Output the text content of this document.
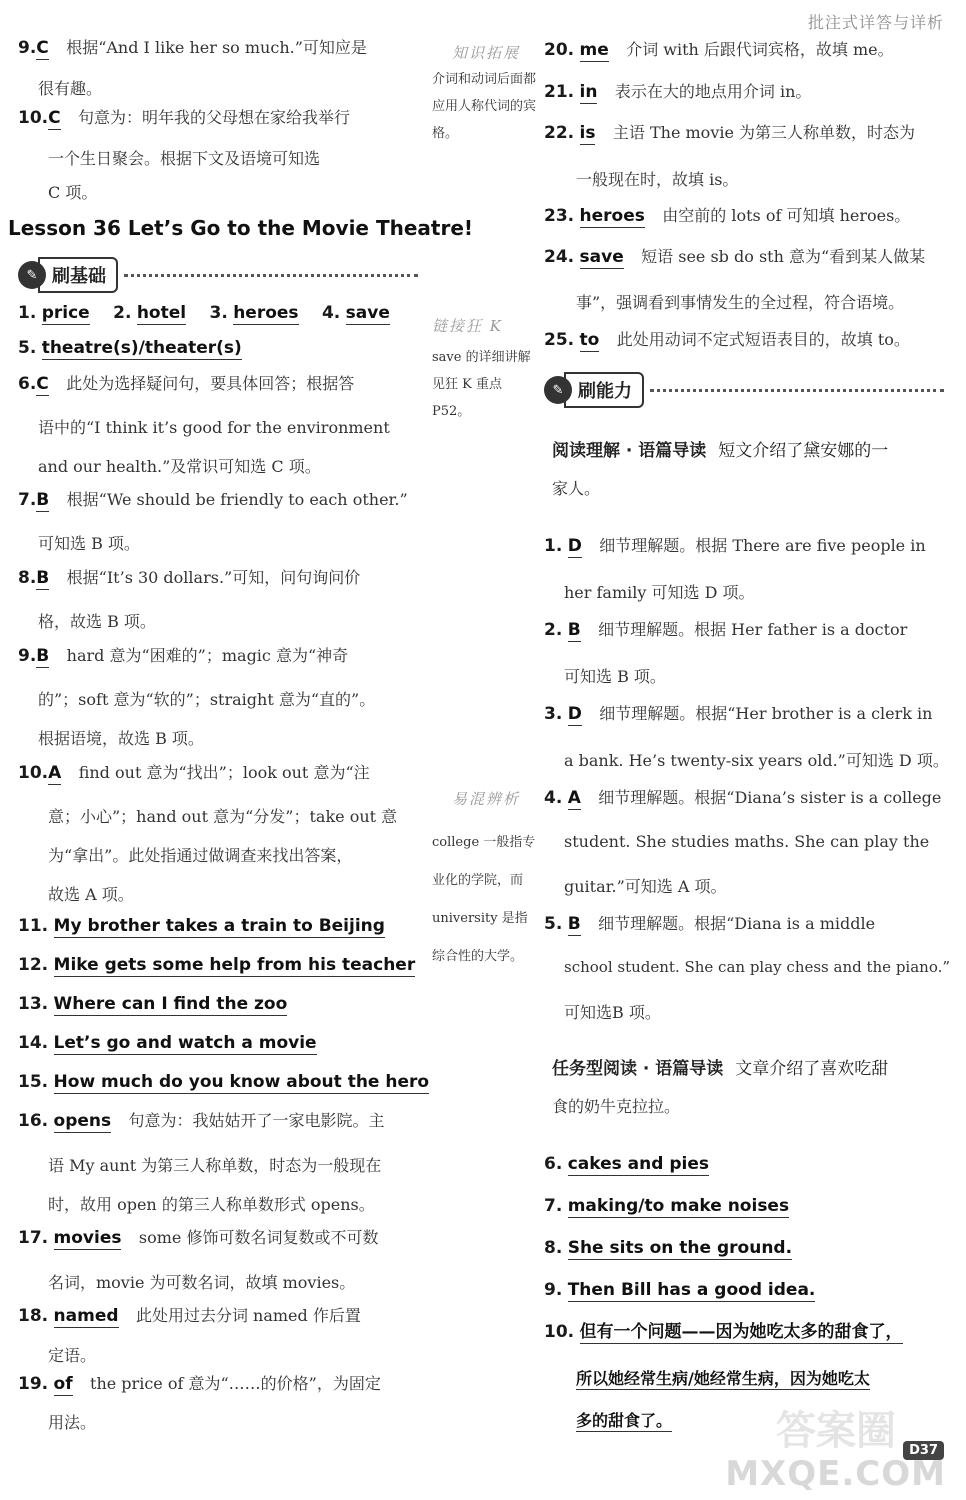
批注式详答与详析
9.C 根据“And I like her so much.”可知应是
很有趣。
10.C 句意为：明年我的父母想在家给我举行
一个生日聚会。根据下文及语境可知选
C 项。
Lesson 36 Let’s Go to the Movie Theatre!
✎ 刷基础
1. price 2. hotel 3. heroes 4. save
5. theatre(s)/theater(s)
6.C 此处为选择疑问句，要具体回答；根据答
语中的“I think it’s good for the environment
and our health.”及常识可知选 C 项。
7.B 根据“We should be friendly to each other.”
可知选 B 项。
8.B 根据“It’s 30 dollars.”可知，问句询问价
格，故选 B 项。
9.B hard 意为“困难的”；magic 意为“神奇
的”；soft 意为“软的”；straight 意为“直的”。
根据语境，故选 B 项。
10.A find out 意为“找出”；look out 意为“注
意；小心”；hand out 意为“分发”；take out 意
为“拿出”。此处指通过做调查来找出答案，
故选 A 项。
11. My brother takes a train to Beijing
12. Mike gets some help from his teacher
13. Where can I find the zoo
14. Let’s go and watch a movie
15. How much do you know about the hero
16. opens 句意为：我姑姑开了一家电影院。主
语 My aunt 为第三人称单数，时态为一般现在
时，故用 open 的第三人称单数形式 opens。
17. movies some 修饰可数名词复数或不可数
名词，movie 为可数名词，故填 movies。
18. named 此处用过去分词 named 作后置
定语。
19. of the price of 意为“……的价格”，为固定
用法。
知识拓展
介词和动词后面都应用人称代词的宾格。
链接狂 K
save 的详细讲解见狂 K 重点P52。
易混辨析
college 一般指专业化的学院，而 university 是指综合性的大学。
20. me 介词 with 后跟代词宾格，故填 me。
21. in 表示在大的地点用介词 in。
22. is 主语 The movie 为第三人称单数，时态为
一般现在时，故填 is。
23. heroes 由空前的 lots of 可知填 heroes。
24. save 短语 see sb do sth 意为“看到某人做某
事”，强调看到事情发生的全过程，符合语境。
25. to 此处用动词不定式短语表目的，故填 to。
✎ 刷能力
阅读理解 · 语篇导读 短文介绍了黛安娜的一
家人。
1. D 细节理解题。根据 There are five people in
her family 可知选 D 项。
2. B 细节理解题。根据 Her father is a doctor
可知选 B 项。
3. D 细节理解题。根据“Her brother is a clerk in
a bank. He’s twenty-six years old.”可知选 D 项。
4. A 细节理解题。根据“Diana’s sister is a college
student. She studies maths. She can play the
guitar.”可知选 A 项。
5. B 细节理解题。根据“Diana is a middle
school student. She can play chess and the piano.”
可知选B 项。
任务型阅读 · 语篇导读 文章介绍了喜欢吃甜
食的奶牛克拉拉。
6. cakes and pies
7. making/to make noises
8. She sits on the ground.
9. Then Bill has a good idea.
10. 但有一个问题——因为她吃太多的甜食了，
所以她经常生病/她经常生病，因为她吃太
多的甜食了。	答案圈	D37
MXQE.COM
